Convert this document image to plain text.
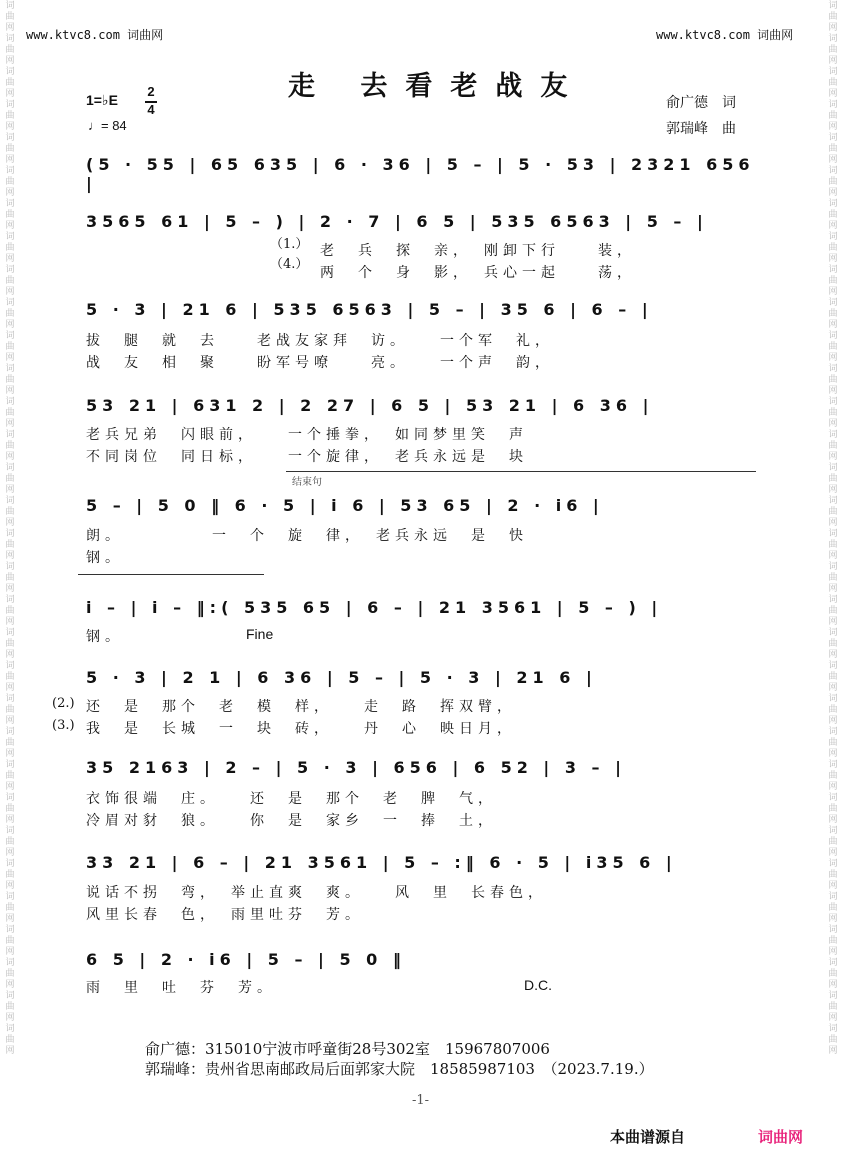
www.ktvc8.com 词曲网	www.ktvc8.com 词曲网
词曲网词曲网词曲网词曲网词曲网词曲网词曲网词曲网词曲网词曲网词曲网词曲网词曲网词曲网词曲网词曲网词曲网词曲网词曲网词曲网词曲网词曲网词曲网词曲网词曲网词曲网词曲网词曲网词曲网词曲网词曲网词曲网
词曲网词曲网词曲网词曲网词曲网词曲网词曲网词曲网词曲网词曲网词曲网词曲网词曲网词曲网词曲网词曲网词曲网词曲网词曲网词曲网词曲网词曲网词曲网词曲网词曲网词曲网词曲网词曲网词曲网词曲网词曲网词曲网
走 去看老战友
俞广德　词
郭瑞峰　曲
1=♭E
2
4
♩= 84
(5 · 55 | 65 635 | 6 · 36 | 5 – | 5 · 53 | 2321 656 |
3565 61 | 5 – ) | 2 · 7 | 6 5 | 535 6563 | 5 – |
（1.）
（4.）
老　兵　探　亲，　刚卸下行　　装，
两　个　身　影，　兵心一起　　荡，
5 · 3 | 21 6 | 535 6563 | 5 – | 35 6 | 6 – |
拔　腿　就　去　　老战友家拜　访。　　一个军　礼，
战　友　相　聚　　盼军号嘹　　亮。　　一个声　韵，
53 21 | 631 2 | 2 27 | 6 5 | 53 21 | 6 36 |
老兵兄弟　闪眼前，　　一个捶拳，　如同梦里笑　声
不同岗位　同日标，　　一个旋律，　老兵永远是　块
结束句
5 – | 5 0 ‖ 6 · 5 | i 6 | 53 65 | 2 · i6 |
朗。　　　　　一　个　旋　律，　老兵永远　是　快
钢。
i – | i – ‖:( 535 65 | 6 – | 21 3561 | 5 – ) |
钢。	Fine
5 · 3 | 2 1 | 6 36 | 5 – | 5 · 3 | 21 6 |
(2.)
(3.)
还　是　那个　老　模　样，　　走　路　挥双臂，
我　是　长城　一　块　砖，　　丹　心　映日月，
35 2163 | 2 – | 5 · 3 | 656 | 6 52 | 3 – |
衣饰很端　庄。　　还　是　那个　老　脾　气，
冷眉对豺　狼。　　你　是　家乡　一　捧　土，
33 21 | 6 – | 21 3561 | 5 – :‖ 6 · 5 | i35 6 |
说话不拐　弯，　举止直爽　爽。　　风　里　长春色，
风里长春　色，　雨里吐芬　芳。
6 5 | 2 · i6 | 5 – | 5 0 ‖
雨　里　吐　芬　芳。	D.C.
俞广德：315010宁波市呼童街28号302室　15967807006
郭瑞峰：贵州省思南邮政局后面郭家大院　18585987103　（2023.7.19.）
-1-
本曲谱源自	词曲网
